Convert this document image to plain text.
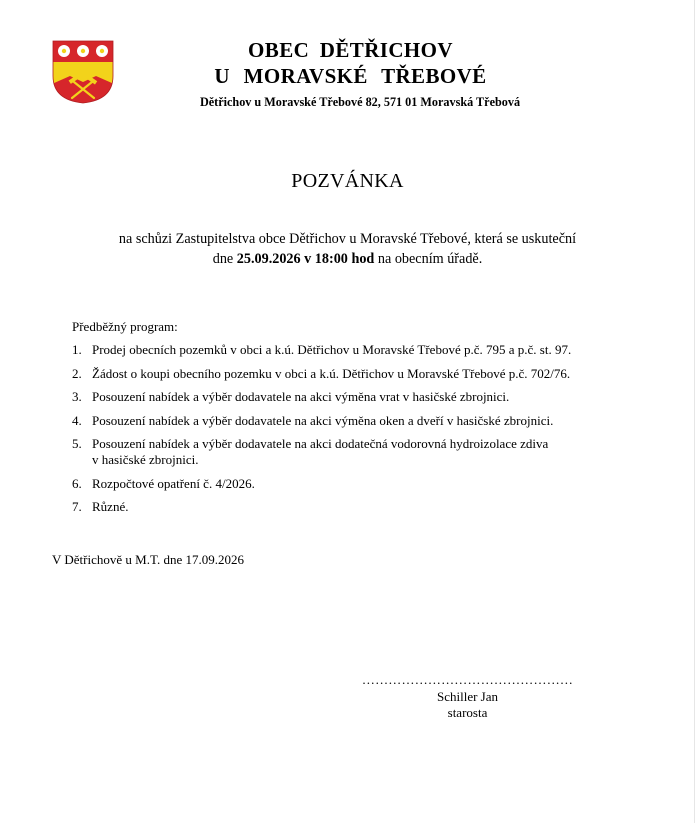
OBEC DĚTŘICHOV
U MORAVSKÉ TŘEBOVÉ
Dětřichov u Moravské Třebové 82, 571 01 Moravská Třebová
POZVÁNKA
na schůzi Zastupitelstva obce Dětřichov u Moravské Třebové, která se uskuteční
dne 25.09.2026 v 18:00 hod na obecním úřadě.
Předběžný program:
1. Prodej obecních pozemků v obci a k.ú. Dětřichov u Moravské Třebové p.č. 795 a p.č. st. 97.
2. Žádost o koupi obecního pozemku v obci a k.ú. Dětřichov u Moravské Třebové p.č. 702/76.
3. Posouzení nabídek a výběr dodavatele na akci výměna vrat v hasičské zbrojnici.
4. Posouzení nabídek a výběr dodavatele na akci výměna oken a dveří v hasičské zbrojnici.
5. Posouzení nabídek a výběr dodavatele na akci dodatečná vodorovná hydroizolace zdiva
v hasičské zbrojnici.
6. Rozpočtové opatření č. 4/2026.
7. Různé.
V Dětřichově u M.T. dne 17.09.2026
…………………………………………
Schiller Jan
starosta
